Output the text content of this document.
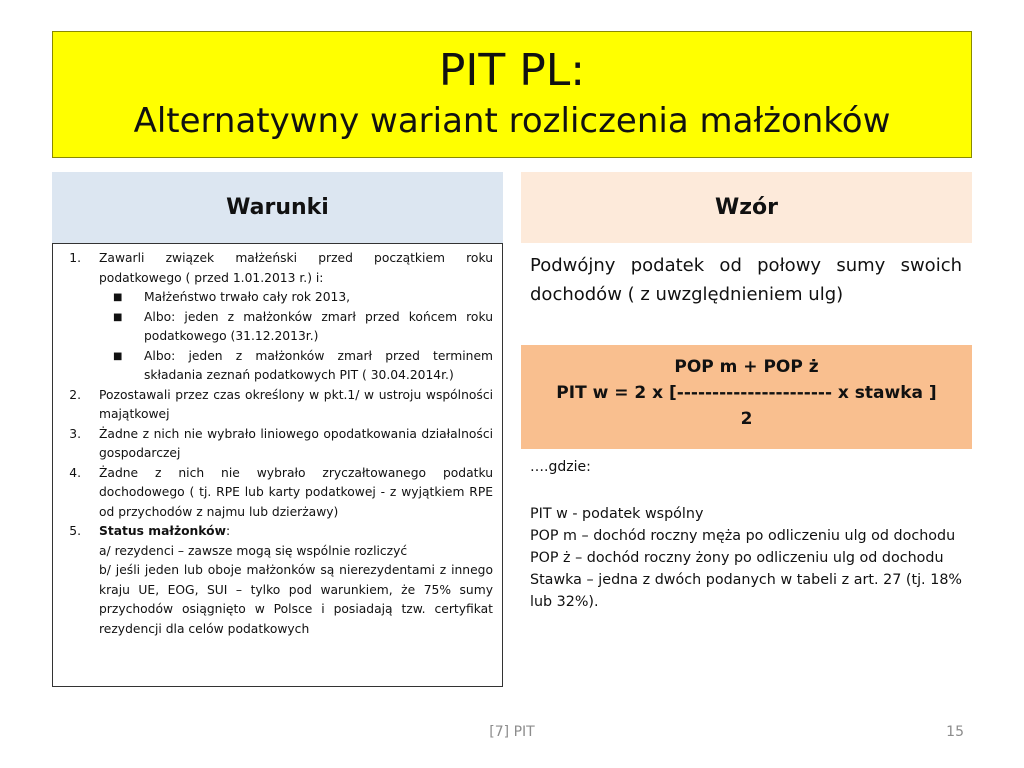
PIT PL:
Alternatywny wariant rozliczenia małżonków
Warunki	Wzór
1. Zawarli związek małżeński przed początkiem roku podatkowego ( przed 1.01.2013 r.) i:
■ Małżeństwo trwało cały rok 2013,
■ Albo: jeden z małżonków zmarł przed końcem roku podatkowego (31.12.2013r.)
■ Albo: jeden z małżonków zmarł przed terminem składania zeznań podatkowych PIT ( 30.04.2014r.)
2. Pozostawali przez czas określony w pkt.1/ w ustroju wspólności majątkowej
3. Żadne z nich nie wybrało liniowego opodatkowania działalności gospodarczej
4. Żadne z nich nie wybrało zryczałtowanego podatku dochodowego ( tj. RPE lub karty podatkowej - z wyjątkiem RPE od przychodów z najmu lub dzierżawy)
5. Status małżonków:
a/ rezydenci – zawsze mogą się wspólnie rozliczyć
b/ jeśli jeden lub oboje małżonków są nierezydentami z innego kraju UE, EOG, SUI – tylko pod warunkiem, że 75% sumy przychodów osiągnięto w Polsce i posiadają tzw. certyfikat rezydencji dla celów podatkowych
Podwójny podatek od połowy sumy swoich dochodów ( z uwzględnieniem ulg)
POP m + POP ż
PIT w = 2 x [---------------------- x stawka ]
2
….gdzie:
PIT w - podatek wspólny
POP m – dochód roczny męża po odliczeniu ulg od dochodu
POP ż – dochód roczny żony po odliczeniu ulg od dochodu
Stawka – jedna z dwóch podanych w tabeli z art. 27 (tj. 18% lub 32%).
[7] PIT	15
